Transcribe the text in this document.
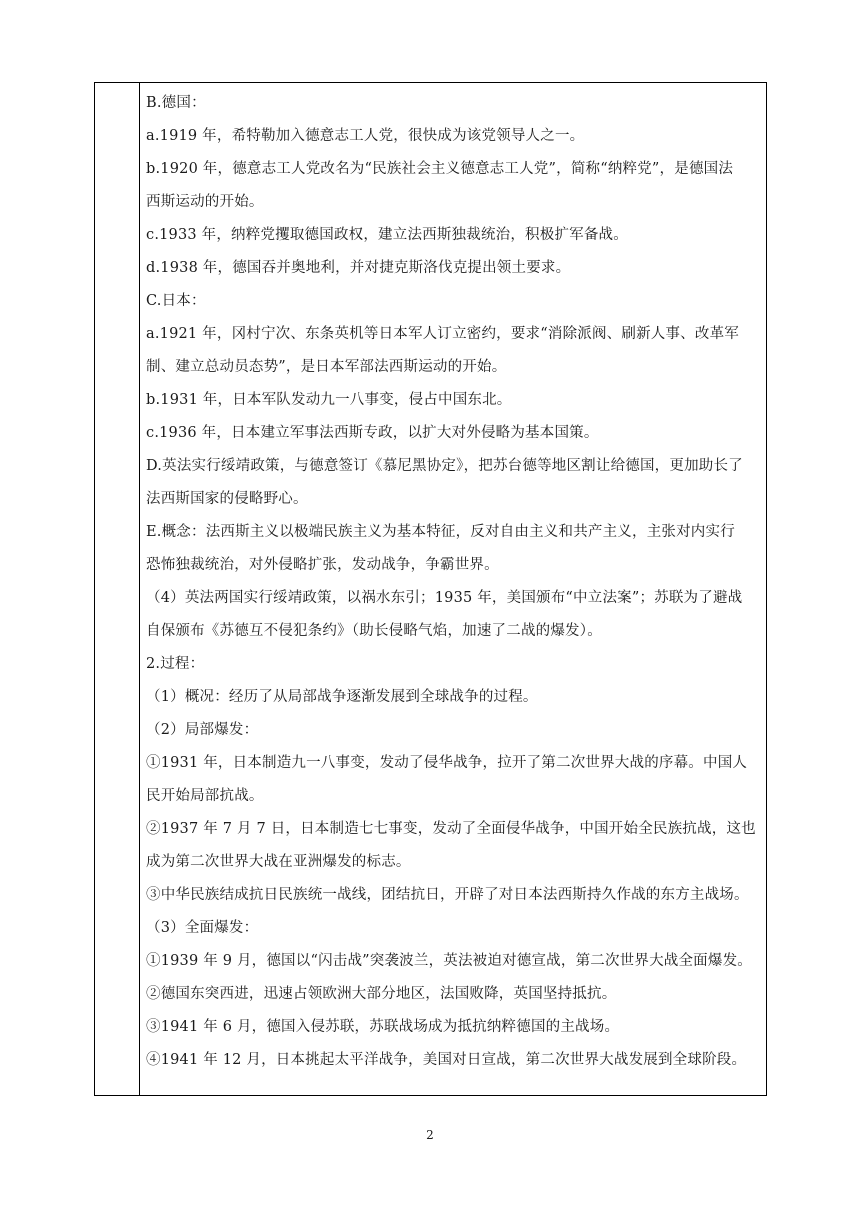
B.德国：
a.1919 年，希特勒加入德意志工人党，很快成为该党领导人之一。
b.1920 年，德意志工人党改名为“民族社会主义德意志工人党”，简称“纳粹党”，是德国法
西斯运动的开始。
c.1933 年，纳粹党攫取德国政权，建立法西斯独裁统治，积极扩军备战。
d.1938 年，德国吞并奥地利，并对捷克斯洛伐克提出领土要求。
C.日本：
a.1921 年，冈村宁次、东条英机等日本军人订立密约，要求“消除派阀、刷新人事、改革军
制、建立总动员态势”，是日本军部法西斯运动的开始。
b.1931 年，日本军队发动九一八事变，侵占中国东北。
c.1936 年，日本建立军事法西斯专政，以扩大对外侵略为基本国策。
D.英法实行绥靖政策，与德意签订《慕尼黑协定》，把苏台德等地区割让给德国，更加助长了
法西斯国家的侵略野心。
E.概念：法西斯主义以极端民族主义为基本特征，反对自由主义和共产主义，主张对内实行
恐怖独裁统治，对外侵略扩张，发动战争，争霸世界。
（4）英法两国实行绥靖政策，以祸水东引；1935 年，美国颁布“中立法案”；苏联为了避战
自保颁布《苏德互不侵犯条约》（助长侵略气焰，加速了二战的爆发）。
2.过程：
（1）概况：经历了从局部战争逐渐发展到全球战争的过程。
（2）局部爆发：
①1931 年，日本制造九一八事变，发动了侵华战争，拉开了第二次世界大战的序幕。中国人
民开始局部抗战。
②1937 年 7 月 7 日，日本制造七七事变，发动了全面侵华战争，中国开始全民族抗战，这也
成为第二次世界大战在亚洲爆发的标志。
③中华民族结成抗日民族统一战线，团结抗日，开辟了对日本法西斯持久作战的东方主战场。
（3）全面爆发：
①1939 年 9 月，德国以“闪击战”突袭波兰，英法被迫对德宣战，第二次世界大战全面爆发。
②德国东突西进，迅速占领欧洲大部分地区，法国败降，英国坚持抵抗。
③1941 年 6 月，德国入侵苏联，苏联战场成为抵抗纳粹德国的主战场。
④1941 年 12 月，日本挑起太平洋战争，美国对日宣战，第二次世界大战发展到全球阶段。
2
